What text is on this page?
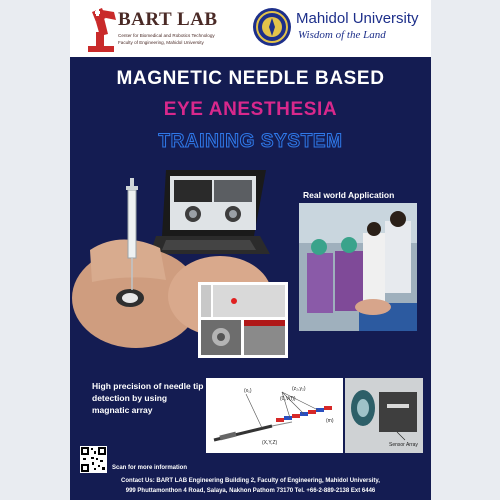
BART LAB
Center for Biomedical and Robotics Technology
Faculty of Engineering, Mahidol University
Mahidol University
Wisdom of the Land
MAGNETIC NEEDLE BASED
EYE ANESTHESIA
TRAINING SYSTEM
Real world Application
High precision of needle tip detection by using magnatic array
(x₁)	(z₂,y₂)
(0,V(f))
(X,Y,Z)
(m)
Sensor Array
Scan for more information
Contact Us: BART LAB Engineering Building 2, Faculty of Engineering, Mahidol University,
999 Phuttamonthon 4 Road, Salaya, Nakhon Pathom 73170 Tel. +66-2-889-2138 Ext 6446
